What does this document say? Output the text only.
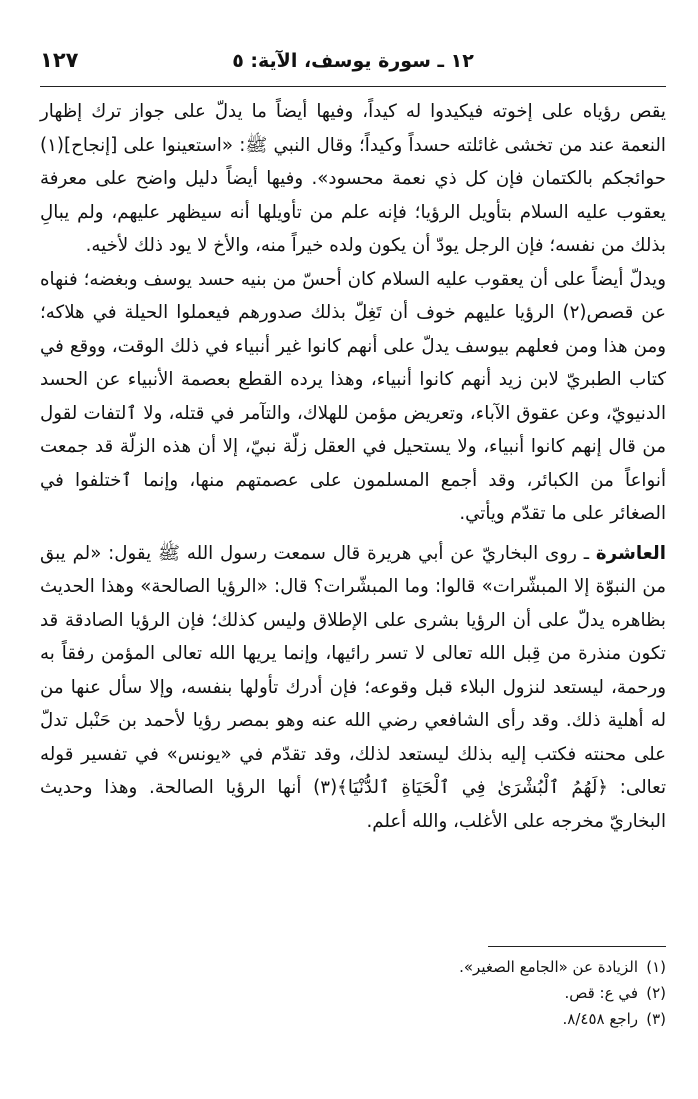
١٢ ـ سورة يوسف، الآية: ٥
١٢٧

يقص رؤياه على إخوته فيكيدوا له كيداً، وفيها أيضاً ما يدلّ على جواز ترك إظهار النعمة عند من تخشى غائلته حسداً وكيداً؛ وقال النبي ﷺ: «استعينوا على [إنجاح](١) حوائجكم بالكتمان فإن كل ذي نعمة محسود». وفيها أيضاً دليل واضح على معرفة يعقوب عليه السلام بتأويل الرؤيا؛ فإنه علم من تأويلها أنه سيظهر عليهم، ولم يبالِ بذلك من نفسه؛ فإن الرجل يودّ أن يكون ولده خيراً منه، والأخ لا يود ذلك لأخيه.

ويدلّ أيضاً على أن يعقوب عليه السلام كان أحسّ من بنيه حسد يوسف وبغضه؛ فنهاه عن قصص(٢) الرؤيا عليهم خوف أن تَغِلّ بذلك صدورهم فيعملوا الحيلة في هلاكه؛ ومن هذا ومن فعلهم بيوسف يدلّ على أنهم كانوا غير أنبياء في ذلك الوقت، ووقع في كتاب الطبريّ لابن زيد أنهم كانوا أنبياء، وهذا يرده القطع بعصمة الأنبياء عن الحسد الدنيويّ، وعن عقوق الآباء، وتعريض مؤمن للهلاك، والتآمر في قتله، ولا ٱلتفات لقول من قال إنهم كانوا أنبياء، ولا يستحيل في العقل زلّة نبيّ، إلا أن هذه الزلّة قد جمعت أنواعاً من الكبائر، وقد أجمع المسلمون على عصمتهم منها، وإنما ٱختلفوا في الصغائر على ما تقدّم ويأتي.

العاشرة ـ روى البخاريّ عن أبي هريرة قال سمعت رسول الله ﷺ يقول: «لم يبق من النبوّة إلا المبشّرات» قالوا: وما المبشّرات؟ قال: «الرؤيا الصالحة» وهذا الحديث بظاهره يدلّ على أن الرؤيا بشرى على الإطلاق وليس كذلك؛ فإن الرؤيا الصادقة قد تكون منذرة من قِبل الله تعالى لا تسر رائيها، وإنما يريها الله تعالى المؤمن رفقاً به ورحمة، ليستعد لنزول البلاء قبل وقوعه؛ فإن أدرك تأولها بنفسه، وإلا سأل عنها من له أهلية ذلك. وقد رأى الشافعي رضي الله عنه وهو بمصر رؤيا لأحمد بن حَنْبل تدلّ على محنته فكتب إليه بذلك ليستعد لذلك، وقد تقدّم في «يونس» في تفسير قوله تعالى: ﴿لَهُمُ ٱلْبُشْرَىٰ فِي ٱلْحَيَاةِ ٱلدُّنْيَا﴾(٣) أنها الرؤيا الصالحة. وهذا وحديث البخاريّ مخرجه على الأغلب، والله أعلم.

(١)
الزيادة عن «الجامع الصغير».
(٢)
في ع: قص.
(٣)
راجع ٨/٤٥٨.
